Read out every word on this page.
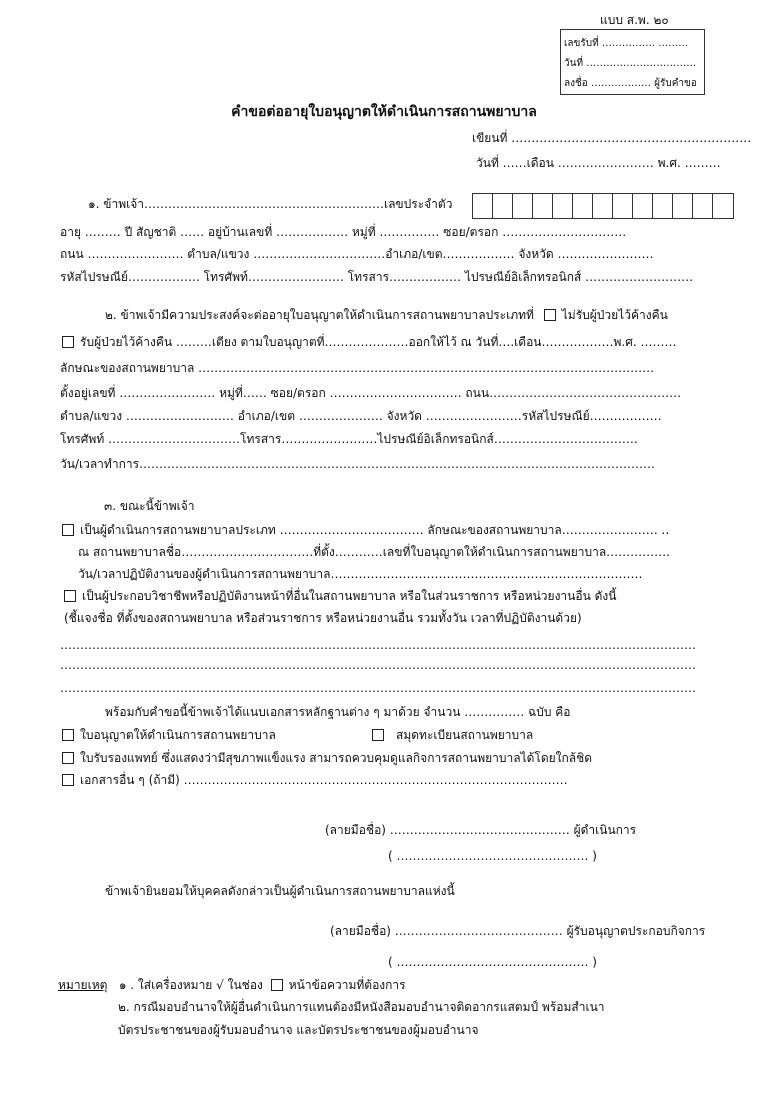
แบบ ส.พ. ๒๐
เลขรับที่ ……………. ………
วันที่ ……………………………
ลงชื่อ ……………… ผู้รับคำขอ
คำขอต่ออายุใบอนุญาตให้ดำเนินการสถานพยาบาล
เขียนที่ ……………………………………………………
วันที่ ……เดือน …………………… พ.ศ. ………
๑. ข้าพเจ้า……………………………………………………เลขประจำตัว
อายุ ……… ปี สัญชาติ …… อยู่บ้านเลขที่ ……………… หมู่ที่ …………… ซอย/ตรอก ………………………….
ถนน …………………… ตำบล/แขวง ……………………………อำเภอ/เขต……………… จังหวัด ……………………
รหัสไปรษณีย์……………… โทรศัพท์…………………… โทรสาร……………… ไปรษณีย์อิเล็กทรอนิกส์ ………………………
๒. ข้าพเจ้ามีความประสงค์จะต่ออายุใบอนุญาตให้ดำเนินการสถานพยาบาลประเภทที่ ไม่รับผู้ป่วยไว้ค้างคืน
รับผู้ป่วยไว้ค้างคืน ………เตียง ตามใบอนุญาตที่…………………ออกให้ไว้ ณ วันที่….เดือน………………พ.ศ. ………
ลักษณะของสถานพยาบาล ……………………………………………………………………………………………………
ตั้งอยู่เลขที่ …………………… หมู่ที่…… ซอย/ตรอก …………………………… ถนน…………………………………………
ตำบล/แขวง ……………………… อำเภอ/เขต ………………… จังหวัด ……………………รหัสไปรษณีย์………………
โทรศัพท์ ……………………………โทรสาร……………………ไปรษณีย์อิเล็กทรอนิกส์………………………………
วัน/เวลาทำการ…………………………………………………………………………………………………………………
๓. ขณะนี้ข้าพเจ้า
เป็นผู้ดำเนินการสถานพยาบาลประเภท ……………………………… ลักษณะของสถานพยาบาล…………………… ..
ณ สถานพยาบาลชื่อ……………………………ที่ตั้ง…………เลขที่ใบอนุญาตให้ดำเนินการสถานพยาบาล…………….
วัน/เวลาปฏิบัติงานของผู้ดำเนินการสถานพยาบาล……………………………………………………………………
เป็นผู้ประกอบวิชาชีพหรือปฏิบัติงานหน้าที่อื่นในสถานพยาบาล หรือในส่วนราชการ หรือหน่วยงานอื่น ดังนี้
(ชี้แจงชื่อ ที่ตั้งของสถานพยาบาล หรือส่วนราชการ หรือหน่วยงานอื่น รวมทั้งวัน เวลาที่ปฏิบัติงานด้วย)
……………………………………………………………………………………………………………………………………………
……………………………………………………………………………………………………………………………………………
……………………………………………………………………………………………………………………………………………
พร้อมกับคำขอนี้ข้าพเจ้าได้แนบเอกสารหลักฐานต่าง ๆ มาด้วย จำนวน …………… ฉบับ คือ
ใบอนุญาตให้ดำเนินการสถานพยาบาล	สมุดทะเบียนสถานพยาบาล
ใบรับรองแพทย์ ซึ่งแสดงว่ามีสุขภาพแข็งแรง สามารถควบคุมดูแลกิจการสถานพยาบาลได้โดยใกล้ชิด
เอกสารอื่น ๆ (ถ้ามี) ……………………………………………………………………………………
(ลายมือชื่อ) ……………………………………… ผู้ดำเนินการ
( ………………………………………… )
ข้าพเจ้ายินยอมให้บุคคลดังกล่าวเป็นผู้ดำเนินการสถานพยาบาลแห่งนี้
(ลายมือชื่อ) …………………………………… ผู้รับอนุญาตประกอบกิจการ
( ………………………………………… )
หมายเหตุ ๑ . ใส่เครื่องหมาย √ ในช่อง หน้าข้อความที่ต้องการ
๒. กรณีมอบอำนาจให้ผู้อื่นดำเนินการแทนต้องมีหนังสือมอบอำนาจติดอากรแสตมป์ พร้อมสำเนา
บัตรประชาชนของผู้รับมอบอำนาจ และบัตรประชาชนของผู้มอบอำนาจ
